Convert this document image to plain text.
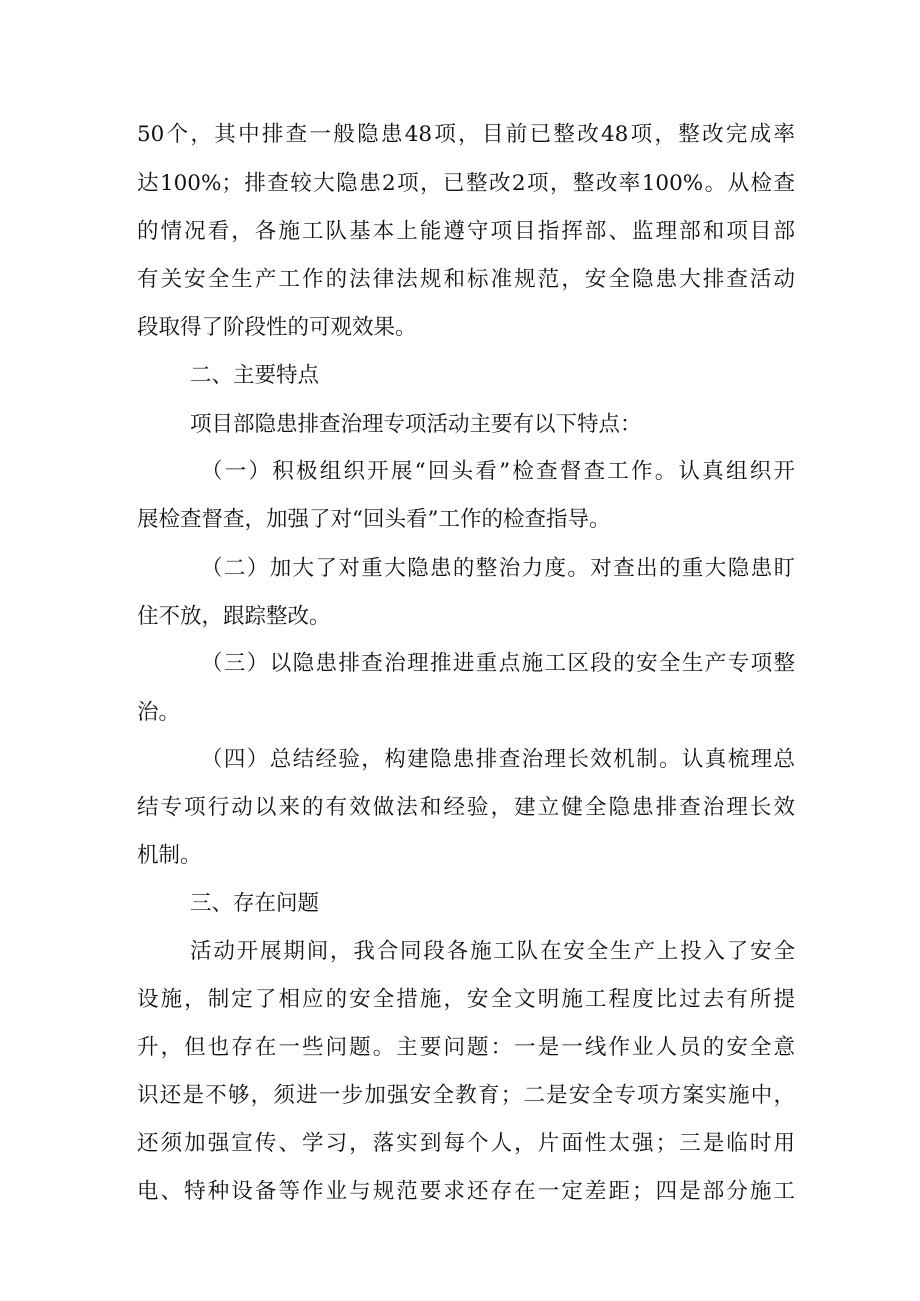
50个，其中排查一般隐患48项，目前已整改48项，整改完成率
达100%；排查较大隐患2项，已整改2项，整改率100%。从检查
的情况看，各施工队基本上能遵守项目指挥部、监理部和项目部
有关安全生产工作的法律法规和标准规范，安全隐患大排查活动
段取得了阶段性的可观效果。
二、主要特点
项目部隐患排查治理专项活动主要有以下特点：
（一）积极组织开展“回头看”检查督查工作。认真组织开
展检查督查，加强了对“回头看”工作的检查指导。
（二）加大了对重大隐患的整治力度。对查出的重大隐患盯
住不放，跟踪整改。
（三）以隐患排查治理推进重点施工区段的安全生产专项整
治。
（四）总结经验，构建隐患排查治理长效机制。认真梳理总
结专项行动以来的有效做法和经验，建立健全隐患排查治理长效
机制。
三、存在问题
活动开展期间，我合同段各施工队在安全生产上投入了安全
设施，制定了相应的安全措施，安全文明施工程度比过去有所提
升，但也存在一些问题。主要问题：一是一线作业人员的安全意
识还是不够，须进一步加强安全教育；二是安全专项方案实施中，
还须加强宣传、学习，落实到每个人，片面性太强；三是临时用
电、特种设备等作业与规范要求还存在一定差距；四是部分施工
